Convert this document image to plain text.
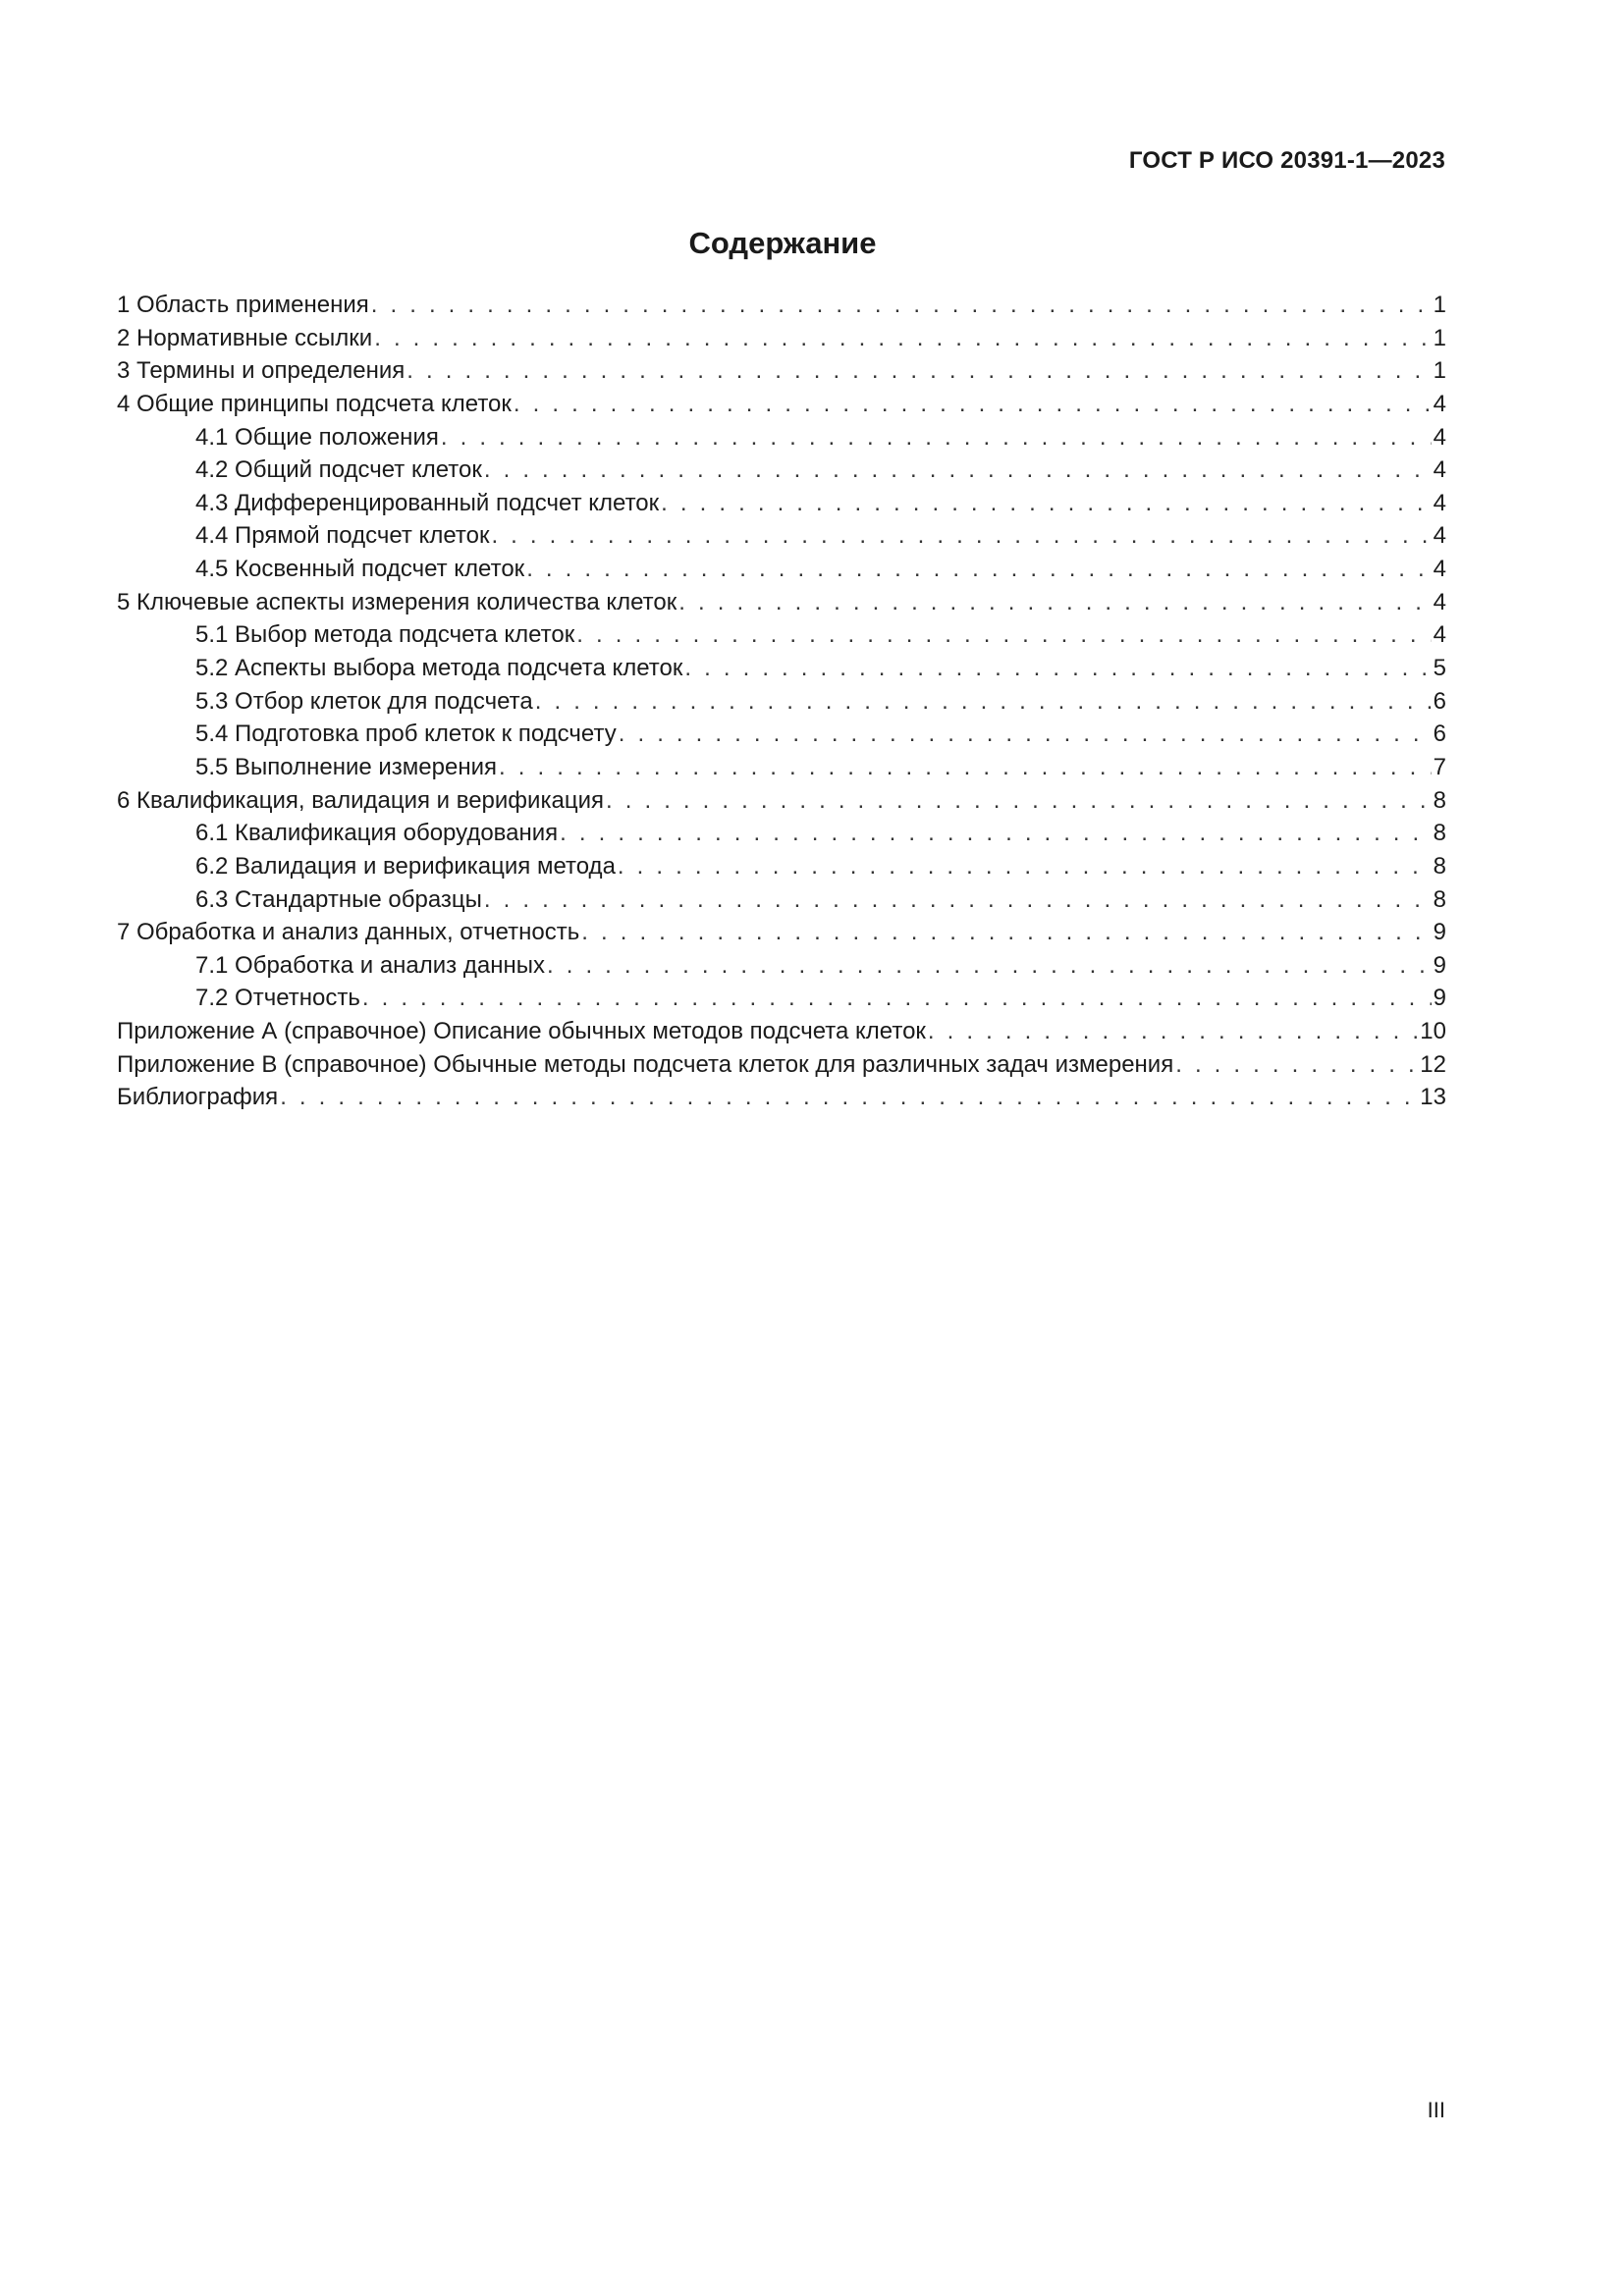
ГОСТ Р ИСО 20391-1—2023
Содержание
1 Область применения . . .	1
2 Нормативные ссылки . . .	1
3 Термины и определения . . .	1
4 Общие принципы подсчета клеток . . .	4
4.1 Общие положения . . .	4
4.2 Общий подсчет клеток . . .	4
4.3 Дифференцированный подсчет клеток . . .	4
4.4 Прямой подсчет клеток . . .	4
4.5 Косвенный подсчет клеток . . .	4
5 Ключевые аспекты измерения количества клеток . . .	4
5.1 Выбор метода подсчета клеток . . .	4
5.2 Аспекты выбора метода подсчета клеток . . .	5
5.3 Отбор клеток для подсчета . . .	6
5.4 Подготовка проб клеток к подсчету . . .	6
5.5 Выполнение измерения . . .	7
6 Квалификация, валидация и верификация . . .	8
6.1 Квалификация оборудования . . .	8
6.2 Валидация и верификация метода . . .	8
6.3 Стандартные образцы . . .	8
7 Обработка и анализ данных, отчетность . . .	9
7.1 Обработка и анализ данных . . .	9
7.2 Отчетность . . .	9
Приложение А (справочное) Описание обычных методов подсчета клеток . . .	10
Приложение В (справочное) Обычные методы подсчета клеток для различных задач измерения . . .	12
Библиография . . .	13
III
